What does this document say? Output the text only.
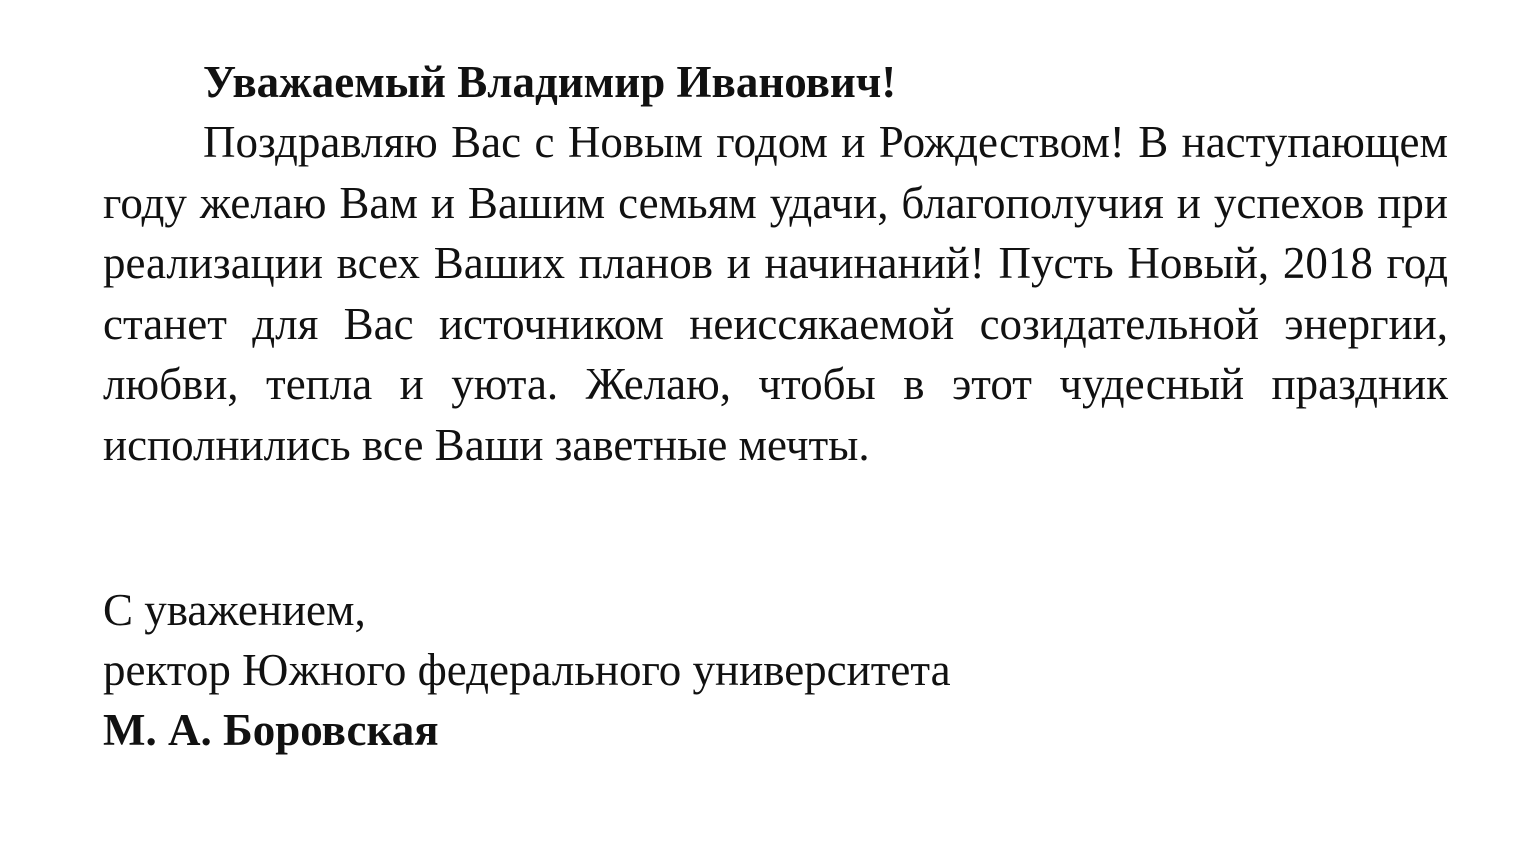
Уважаемый Владимир Иванович!

Поздравляю Вас с Новым годом и Рождеством! В наступающем году желаю Вам и Вашим семьям удачи, благополучия и успехов при реализации всех Ваших планов и начинаний! Пусть Новый, 2018 год станет для Вас источником неиссякаемой созидательной энергии, любви, тепла и уюта. Желаю, чтобы в этот чудесный праздник исполнились все Ваши заветные мечты.

С уважением,

ректор Южного федерального университета

М. А. Боровская
